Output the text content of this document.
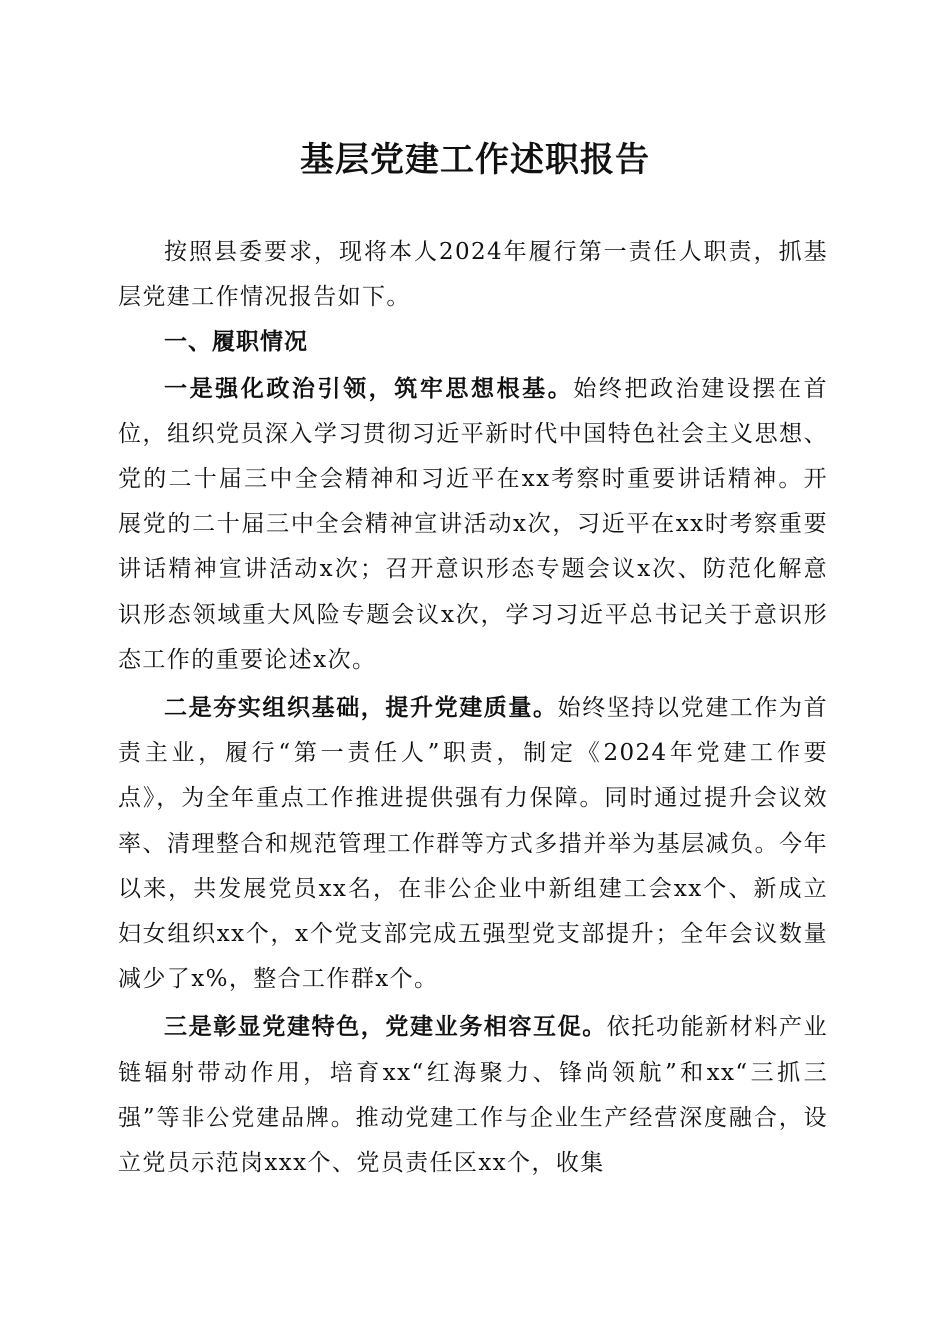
基层党建工作述职报告

按照县委要求，现将本人2024年履行第一责任人职责，抓基层党建工作情况报告如下。

一、履职情况

一是强化政治引领，筑牢思想根基。始终把政治建设摆在首位，组织党员深入学习贯彻习近平新时代中国特色社会主义思想、党的二十届三中全会精神和习近平在xx考察时重要讲话精神。开展党的二十届三中全会精神宣讲活动x次，习近平在xx时考察重要讲话精神宣讲活动x次；召开意识形态专题会议x次、防范化解意识形态领域重大风险专题会议x次，学习习近平总书记关于意识形态工作的重要论述x次。

二是夯实组织基础，提升党建质量。始终坚持以党建工作为首责主业，履行“第一责任人”职责，制定《2024年党建工作要点》，为全年重点工作推进提供强有力保障。同时通过提升会议效率、清理整合和规范管理工作群等方式多措并举为基层减负。今年以来，共发展党员xx名，在非公企业中新组建工会xx个、新成立妇女组织xx个，x个党支部完成五强型党支部提升；全年会议数量减少了x%，整合工作群x个。

三是彰显党建特色，党建业务相容互促。依托功能新材料产业链辐射带动作用，培育xx“红海聚力、锋尚领航”和xx“三抓三强”等非公党建品牌。推动党建工作与企业生产经营深度融合，设立党员示范岗xxx个、党员责任区xx个，收集
